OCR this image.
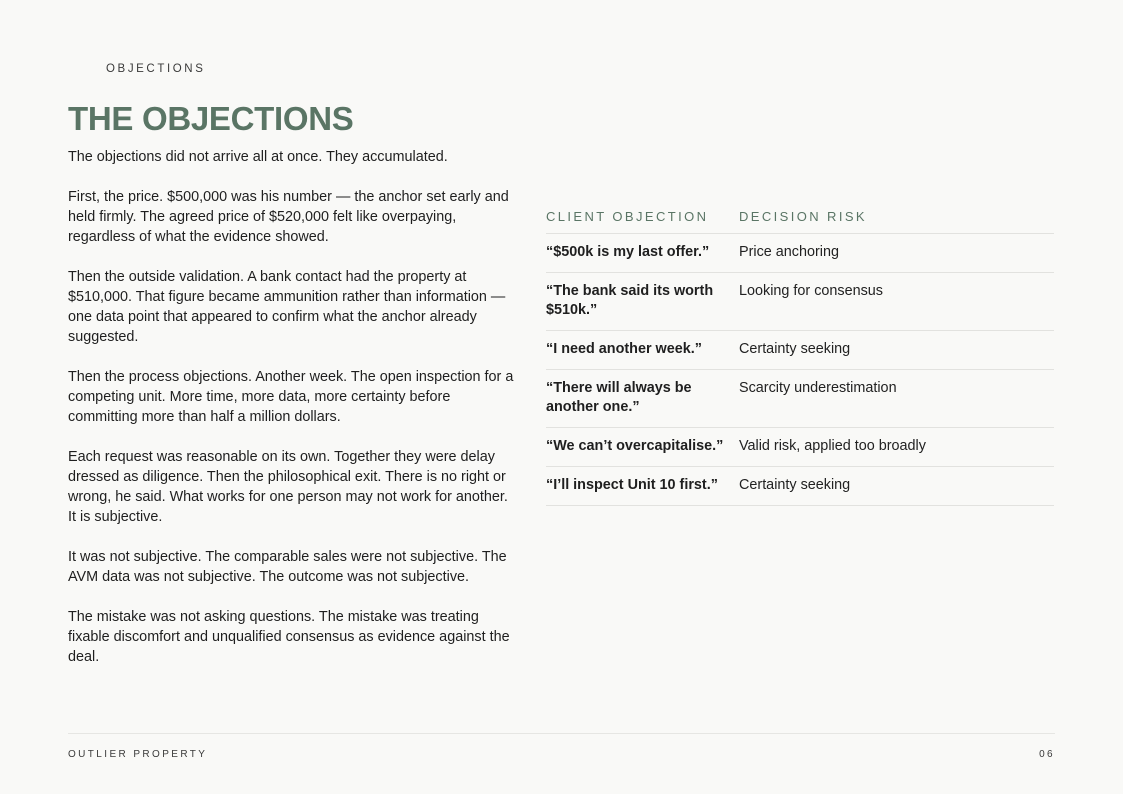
OBJECTIONS
THE OBJECTIONS

The objections did not arrive all at once. They accumulated.

First, the price. $500,000 was his number — the anchor set early and held firmly. The agreed price of $520,000 felt like overpaying, regardless of what the evidence showed.

Then the outside validation. A bank contact had the property at $510,000. That figure became ammunition rather than information — one data point that appeared to confirm what the anchor already suggested.

Then the process objections. Another week. The open inspection for a competing unit. More time, more data, more certainty before committing more than half a million dollars.

Each request was reasonable on its own. Together they were delay dressed as diligence. Then the philosophical exit. There is no right or wrong, he said. What works for one person may not work for another. It is subjective.

It was not subjective. The comparable sales were not subjective. The AVM data was not subjective. The outcome was not subjective.

The mistake was not asking questions. The mistake was treating fixable discomfort and unqualified consensus as evidence against the deal.

CLIENT OBJECTION	DECISION RISK
“$500k is my last offer.”	Price anchoring
“The bank said its worth $510k.”	Looking for consensus
“I need another week.”	Certainty seeking
“There will always be another one.”	Scarcity underestimation
“We can’t overcapitalise.”	Valid risk, applied too broadly
“I’ll inspect Unit 10 first.”	Certainty seeking
OUTLIER PROPERTY	06
